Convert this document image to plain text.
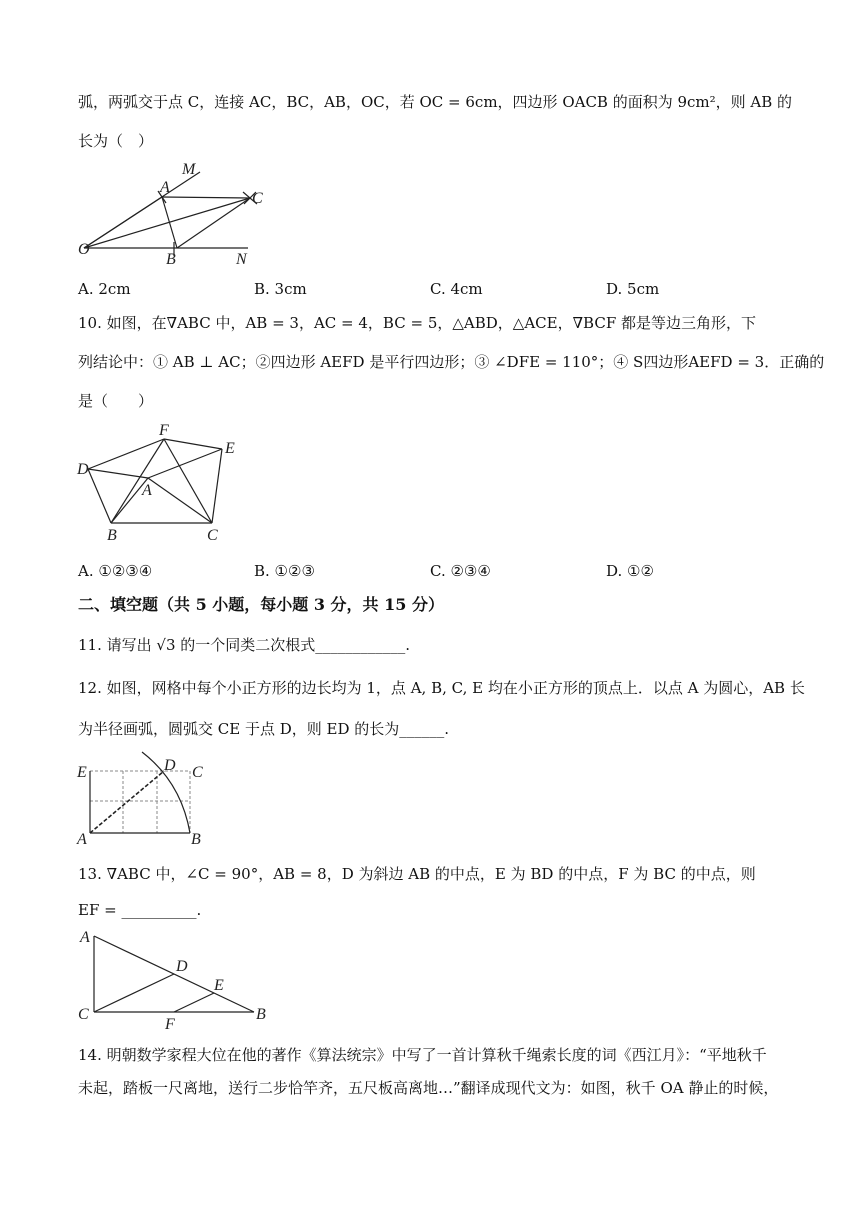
弧，两弧交于点 C，连接 AC，BC，AB，OC，若 OC = 6cm，四边形 OACB 的面积为 9cm²，则 AB 的
长为（　）
M
A
C
O
B	N
A. 2cm	B. 3cm	C. 4cm	D. 5cm
10. 如图，在∇ABC 中，AB = 3，AC = 4，BC = 5，△ABD，△ACE，∇BCF 都是等边三角形，下
列结论中：① AB ⊥ AC；②四边形 AEFD 是平行四边形；③ ∠DFE = 110°；④ S四边形AEFD = 3．正确的
是（　　）
F
E
D
A
B	C
A. ①②③④	B. ①②③	C. ②③④	D. ①②
二、填空题（共 5 小题，每小题 3 分，共 15 分）
11. 请写出 √3 的一个同类二次根式____________.
12. 如图，网格中每个小正方形的边长均为 1，点 A, B, C, E 均在小正方形的顶点上．以点 A 为圆心，AB 长
为半径画弧，圆弧交 CE 于点 D，则 ED 的长为______.
E	D C
A	B
13. ∇ABC 中，∠C = 90°，AB = 8，D 为斜边 AB 的中点，E 为 BD 的中点，F 为 BC 的中点，则
EF = __________.
A
D
E
C
F
B
14. 明朝数学家程大位在他的著作《算法统宗》中写了一首计算秋千绳索长度的词《西江月》：“平地秋千
未起，踏板一尺离地，送行二步恰竿齐，五尺板高离地…”翻译成现代文为：如图，秋千 OA 静止的时候，
